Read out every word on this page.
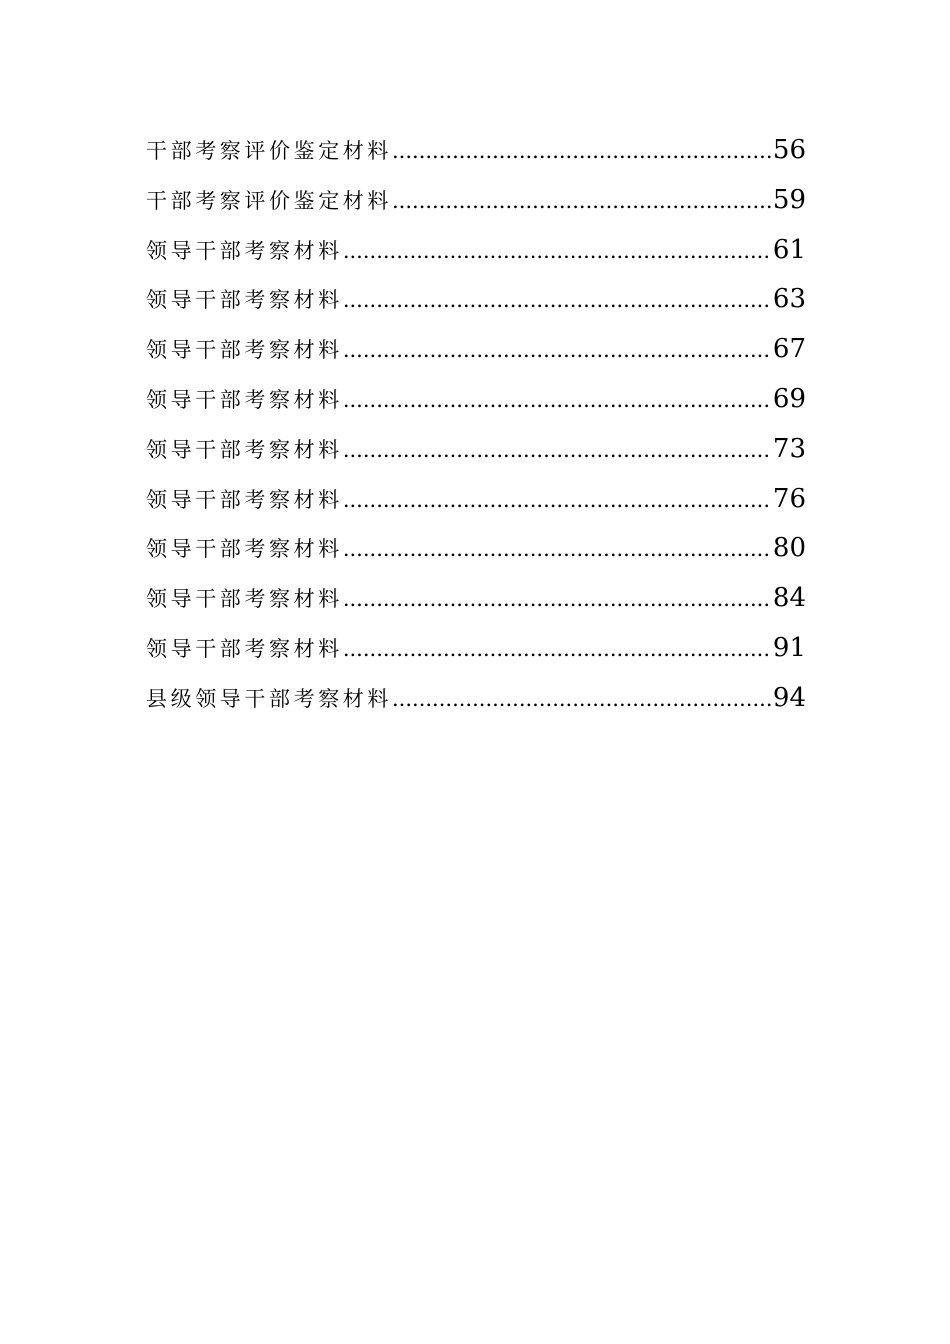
干部考察评价鉴定材料 .....	56
干部考察评价鉴定材料 .....	59
领导干部考察材料 .....	61
领导干部考察材料 .....	63
领导干部考察材料 .....	67
领导干部考察材料 .....	69
领导干部考察材料 .....	73
领导干部考察材料 .....	76
领导干部考察材料 .....	80
领导干部考察材料 .....	84
领导干部考察材料 .....	91
县级领导干部考察材料 .....	94
